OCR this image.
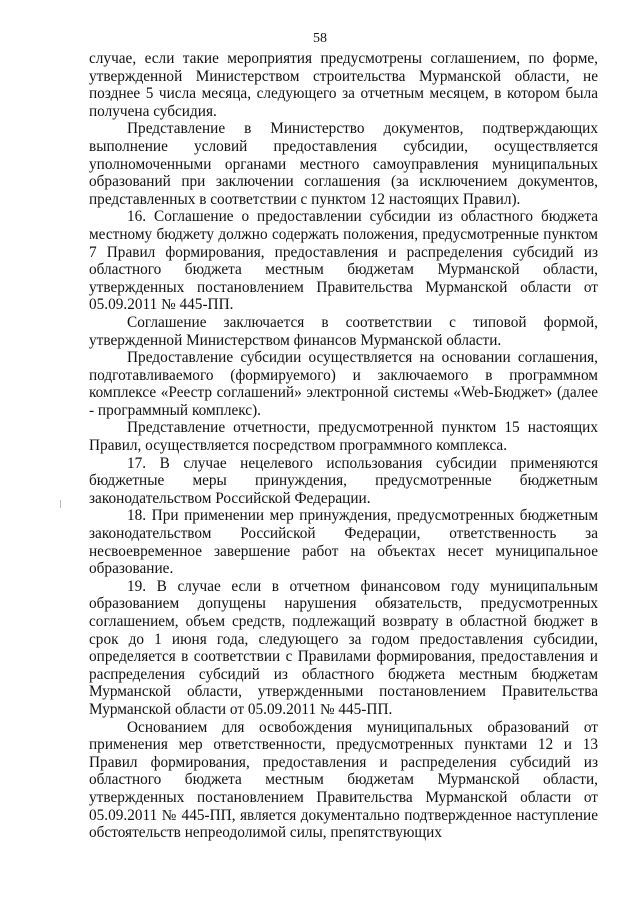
58

случае, если такие мероприятия предусмотрены соглашением, по форме, утвержденной Министерством строительства Мурманской области, не позднее 5 числа месяца, следующего за отчетным месяцем, в котором была получена субсидия.

Представление в Министерство документов, подтверждающих выполнение условий предоставления субсидии, осуществляется уполномоченными органами местного самоуправления муниципальных образований при заключении соглашения (за исключением документов, представленных в соответствии с пунктом 12 настоящих Правил).

16. Соглашение о предоставлении субсидии из областного бюджета местному бюджету должно содержать положения, предусмотренные пунктом 7 Правил формирования, предоставления и распределения субсидий из областного бюджета местным бюджетам Мурманской области, утвержденных постановлением Правительства Мурманской области от 05.09.2011 № 445-ПП.

Соглашение заключается в соответствии с типовой формой, утвержденной Министерством финансов Мурманской области.

Предоставление субсидии осуществляется на основании соглашения, подготавливаемого (формируемого) и заключаемого в программном комплексе «Реестр соглашений» электронной системы «Web-Бюджет» (далее - программный комплекс).

Представление отчетности, предусмотренной пунктом 15 настоящих Правил, осуществляется посредством программного комплекса.

17. В случае нецелевого использования субсидии применяются бюджетные меры принуждения, предусмотренные бюджетным законодательством Российской Федерации.

18. При применении мер принуждения, предусмотренных бюджетным законодательством Российской Федерации, ответственность за несвоевременное завершение работ на объектах несет муниципальное образование.

19. В случае если в отчетном финансовом году муниципальным образованием допущены нарушения обязательств, предусмотренных соглашением, объем средств, подлежащий возврату в областной бюджет в срок до 1 июня года, следующего за годом предоставления субсидии, определяется в соответствии с Правилами формирования, предоставления и распределения субсидий из областного бюджета местным бюджетам Мурманской области, утвержденными постановлением Правительства Мурманской области от 05.09.2011 № 445-ПП.

Основанием для освобождения муниципальных образований от применения мер ответственности, предусмотренных пунктами 12 и 13 Правил формирования, предоставления и распределения субсидий из областного бюджета местным бюджетам Мурманской области, утвержденных постановлением Правительства Мурманской области от 05.09.2011 № 445-ПП, является документально подтвержденное наступление обстоятельств непреодолимой силы, препятствующих
